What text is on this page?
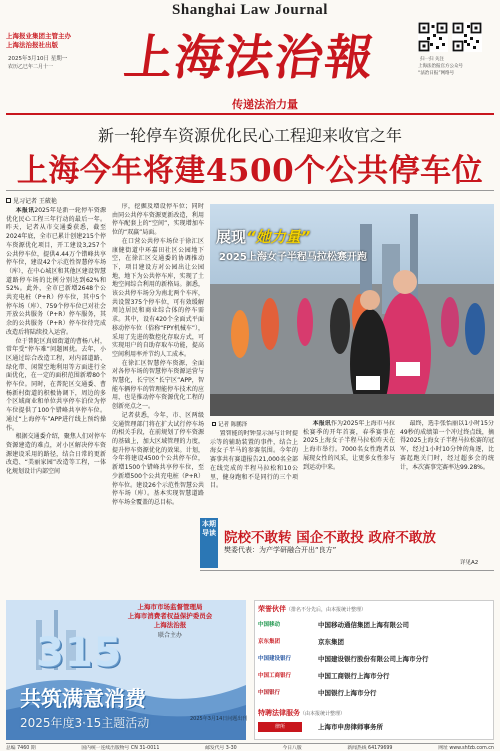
Shanghai Law Journal
上海报业集团主管主办
上海法治报社出版
2025年3月10日 星期一
农历乙巳年二月十一	上海法治報	扫一扫 关注
上海法治报官方公众号
“法治日报”网络号
传递法治力量
新一轮停车资源优化民心工程迎来收官之年
上海今年将建4500个公共停车位
见习记者 王葳艳

本报讯2025年是新一轮停车资源优化民心工程三年行动的最后一年。昨天，记者从市交通委获悉，截至2024年底，全市已累计创建215个停车资源优化项目，开工建设3,257个公共停车位，提供4.44万个错峰共享停车位，建设42个示范性智慧停车场（库），在中心城区和其他区建设智慧道路停车场的比例分别达到62%和52%。此外，全市已新增2648个公共充电桩（P+R）停车位，其中5个停车场（库）、759个停车位已对社会开放公共服务（P+R）停车服务，其余的公共服务（P+R）停车位待完成改造后将陆续投入运营。

位于普陀区真如街道的曹杨八村，常年受“停车难”问题困扰。去年，小区通过综合改造工程，对内部道路、绿化带、闲置空地利用等方面进行全面优化，在一定的面积范围新增80个停车位。同时，在普陀区交通委、曹杨新村街道的积极协调下，周边的多个区域商业和单位共享停车泊位为停车位提供了100个错峰共享停车位。通过“上海停车”APP进行线上预约操作。

根据交通委介绍，聚焦人们对停车资源建造的难点，对小区解决停车资源建设采用的路径，结合日常的更新改造、“美丽家园”改造等工程，一体化规划设计内部空间

序，挖掘及增设停车位；同时由同公共停车资源更新改造，利用停车配套上的“空间”，实现增加车位的“双赢”局面。

在口营公共停车场位于徐汇区康健街道中环嘉田社区公园地下空，在徐汇区交通委的协调推动下，项目建设方对公园出让公园地，地下为公共停车库，实现了土地空间综合利用的新格局。据悉，该公共停车场分为南北两个车库，共设置375个停车位，可有效缓解周边居民和商业综合体的停车需求。其中，设有420个全面式平面移动停车位（俗称“FPY机械车”），采用了先进的数控化存取方式，可实现用户的自助存取车功能，提高空间利用率并节约人工成本。

在徐汇区智慧停车资源，全面对各停车场的智慧停车资源运营与智慧化，长宁区“长宁区”APP，智能车辆停车的管理能停车技术的应用，也是推动停车资源优化工程的创新亮点之一。

记者获悉，今年，市、区两级交通管理部门将在扩大试行停车场的相关手段，在前规划了停车资源的基础上，加大区域管理的力度，提升停车资源优化的效果。计划，今年将建设4500个公共停车位，新增1500个错峰共享停车位，至少新增500个公共充电桩（P+R）停车位。建设26个示范性智慧公共停车场（库）。基本实现智慧道路停车场全覆盖的总目标。

置智能的时钟显示屏与计时提示等的辅助装置的事件，结合上海女子半马的参赛氛围。今年的赛事共有赛道报告21,000名全部在线完成的半程马拉松和10公里，健身跑和不是同行的三个项目。

展现“她力量”
2025上海女子半程马拉松赛开跑
记者 陈鹏泽	本报讯作为2025年上海市马拉松赛季的开年首赛，春季赛事在2025上海女子半程马拉松昨天在上海市举行。7000名女性跑者以展现女性的风采，让更多女性参与到运动中来。

最终，选手张怡丽以1小时15分49秒的成绩第一个冲过终点线，摘得2025上海女子半程马拉松赛的冠军，经过1小时10分钟的角逐，比赛起跑关门时，经过超多会的统计，本次赛事完赛率达99.28%。

本期导读 院校不敢转 国企不敢投 政府不敢放
樊委代表：为产学研融合开出“良方”
详见A2
上海市市场监督管理局
上海市消费者权益保护委员会
上海法治报
联合主办
315
共筑满意消费
2025年度3·15主题活动	2025年3月14日问题出刊
荣誉伙伴（排名不分先后，由本报统计整理）
中国移动	中国移动通信集团上海有限公司
京东集团	京东集团
中国建设银行	中国建设银行股份有限公司上海市分行
中国工商银行	中国工商银行上海市分行
中国银行	中国银行上海市分行
特聘法律服务（由本报统计整理）
律所	上海市申房律师事务所
总编 7460 期	国内统一连续出版物号 CN 31-0011	邮发代号 3-30	今日八版	新闻热线 64179699	网址 www.shfzb.com.cn
